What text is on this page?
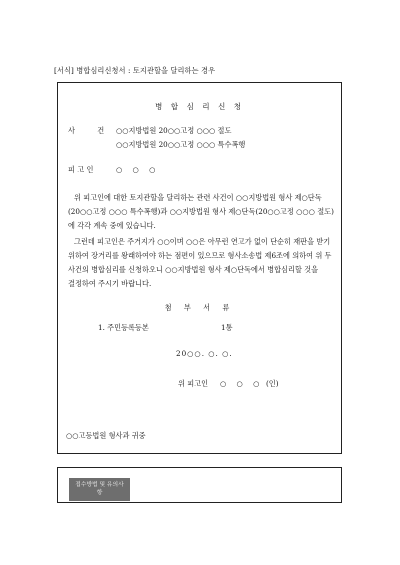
[서식] 병합심리신청서 : 토지관할을 달리하는 경우
병 합 심 리 신 청
사 건 ○○지방법원 20○○고정 ○○○ 절도
○○지방법원 20○○고정 ○○○ 특수폭행
피 고 인	○ ○ ○
위 피고인에 대한 토지관할을 달리하는 관련 사건이 ○○지방법원 형사 제○단독(20○○고정 ○○○ 특수폭행)과 ○○지방법원 형사 제○단독(20○○고정 ○○○ 절도)에 각각 계속 중에 있습니다.
그런데 피고인은 주거지가 ○○이며 ○○은 아무런 연고가 없이 단순히 재판을 받기 위하여 장거리를 왕래하여야 하는 점편이 있으므로 형사소송법 제6조에 의하여 위 두 사건의 병합심리를 신청하오니 ○○지방법원 형사 제○단독에서 병합심리할 것을 결정하여 주시기 바랍니다.
첨 부 서 류
1. 주민등록등본	1통
20○○. ○. ○.
위 피고인 ○ ○ ○ (인)
○○고등법원 형사과 귀중
접수방법 및 유의사항
